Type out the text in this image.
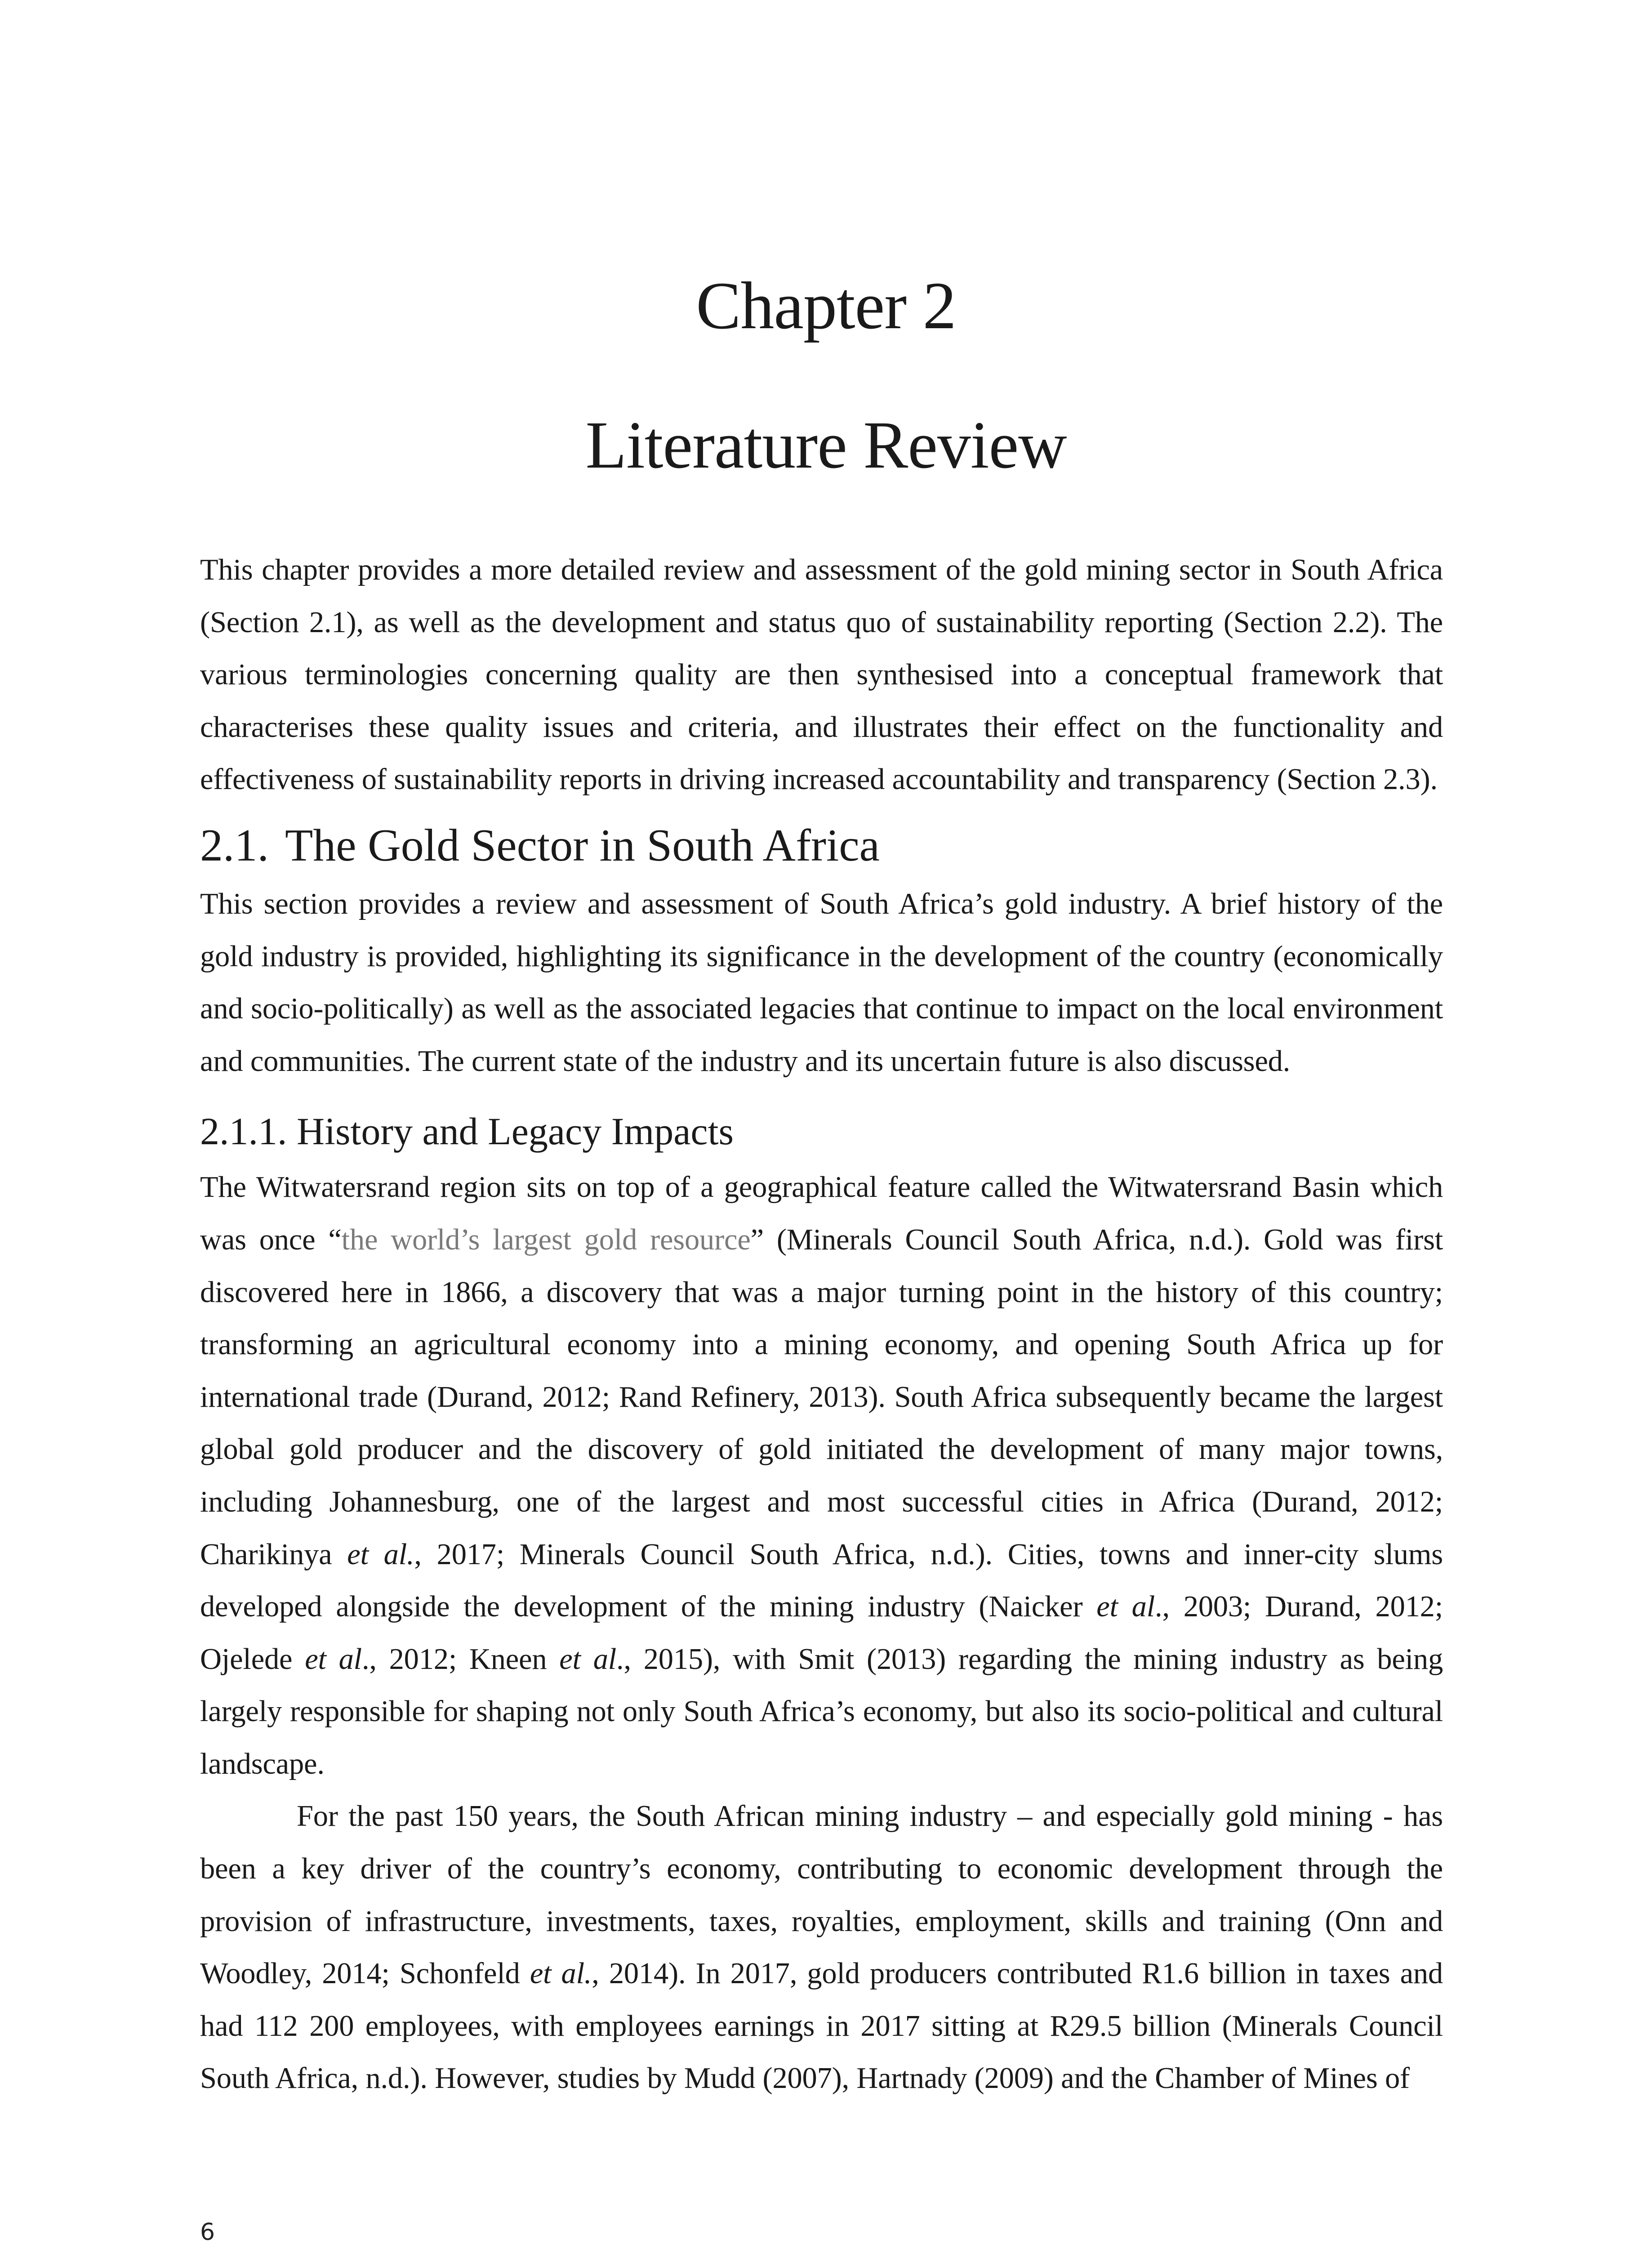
Chapter 2
Literature Review

This chapter provides a more detailed review and assessment of the gold mining sector in South Africa (Section 2.1), as well as the development and status quo of sustainability reporting (Section 2.2). The various terminologies concerning quality are then synthesised into a conceptual framework that characterises these quality issues and criteria, and illustrates their effect on the functionality and effectiveness of sustainability reports in driving increased accountability and transparency (Section 2.3).

2.1. The Gold Sector in South Africa

This section provides a review and assessment of South Africa’s gold industry. A brief history of the gold industry is provided, highlighting its significance in the development of the country (economically and socio-politically) as well as the associated legacies that continue to impact on the local environment and communities. The current state of the industry and its uncertain future is also discussed.

2.1.1. History and Legacy Impacts

The Witwatersrand region sits on top of a geographical feature called the Witwatersrand Basin which was once “the world’s largest gold resource” (Minerals Council South Africa, n.d.). Gold was first discovered here in 1866, a discovery that was a major turning point in the history of this country; transforming an agricultural economy into a mining economy, and opening South Africa up for international trade (Durand, 2012; Rand Refinery, 2013). South Africa subsequently became the largest global gold producer and the discovery of gold initiated the development of many major towns, including Johannesburg, one of the largest and most successful cities in Africa (Durand, 2012; Charikinya et al., 2017; Minerals Council South Africa, n.d.). Cities, towns and inner-city slums developed alongside the development of the mining industry (Naicker et al., 2003; Durand, 2012; Ojelede et al., 2012; Kneen et al., 2015), with Smit (2013) regarding the mining industry as being largely responsible for shaping not only South Africa’s economy, but also its socio-political and cultural landscape.

For the past 150 years, the South African mining industry – and especially gold mining - has been a key driver of the country’s economy, contributing to economic development through the provision of infrastructure, investments, taxes, royalties, employment, skills and training (Onn and Woodley, 2014; Schonfeld et al., 2014). In 2017, gold producers contributed R1.6 billion in taxes and had 112 200 employees, with employees earnings in 2017 sitting at R29.5 billion (Minerals Council South Africa, n.d.). However, studies by Mudd (2007), Hartnady (2009) and the Chamber of Mines of

6
